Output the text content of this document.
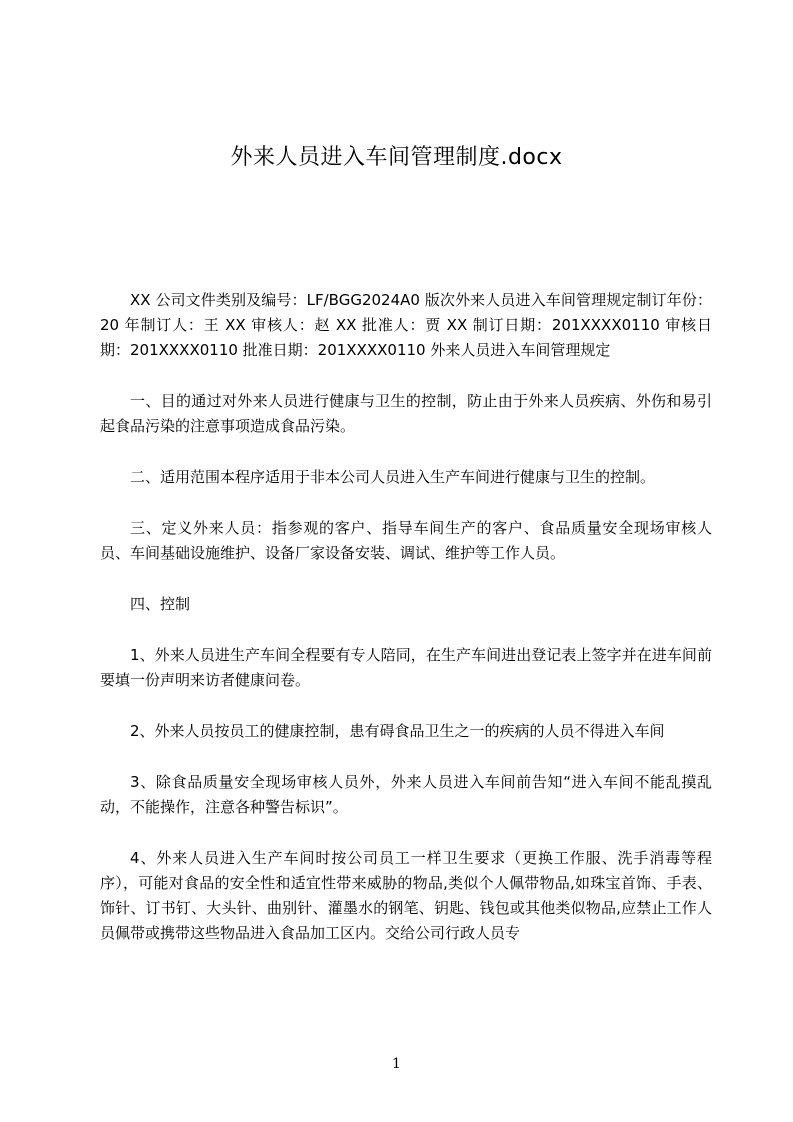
外来人员进入车间管理制度.docx

XX 公司文件类别及编号：LF/BGG2024A0 版次外来人员进入车间管理规定制订年份：20 年制订人：王 XX 审核人：赵 XX 批准人：贾 XX 制订日期：201XXXX0110 审核日期：201XXXX0110 批准日期：201XXXX0110 外来人员进入车间管理规定

一、目的通过对外来人员进行健康与卫生的控制，防止由于外来人员疾病、外伤和易引起食品污染的注意事项造成食品污染。

二、适用范围本程序适用于非本公司人员进入生产车间进行健康与卫生的控制。

三、定义外来人员：指参观的客户、指导车间生产的客户、食品质量安全现场审核人员、车间基础设施维护、设备厂家设备安装、调试、维护等工作人员。

四、控制

1、外来人员进生产车间全程要有专人陪同，在生产车间进出登记表上签字并在进车间前要填一份声明来访者健康问卷。

2、外来人员按员工的健康控制，患有碍食品卫生之一的疾病的人员不得进入车间

3、除食品质量安全现场审核人员外，外来人员进入车间前告知“进入车间不能乱摸乱动，不能操作，注意各种警告标识”。

4、外来人员进入生产车间时按公司员工一样卫生要求（更换工作服、洗手消毒等程序），可能对食品的安全性和适宜性带来威胁的物品,类似个人佩带物品,如珠宝首饰、手表、饰针、订书钉、大头针、曲别针、灌墨水的钢笔、钥匙、钱包或其他类似物品,应禁止工作人员佩带或携带这些物品进入食品加工区内。交给公司行政人员专

1
